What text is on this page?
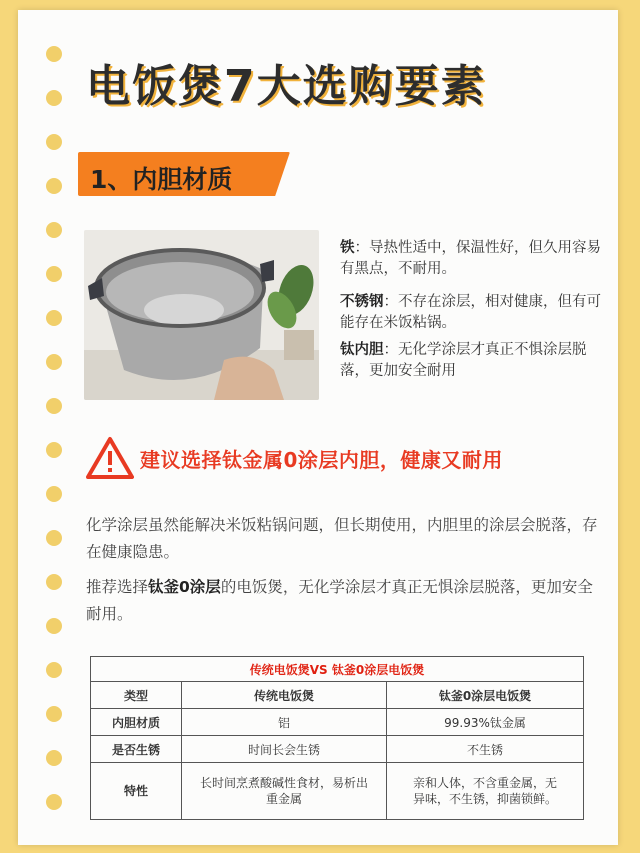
电饭煲7大选购要素
1、内胆材质
铁：导热性适中，保温性好，但久用容易有黑点，不耐用。
不锈钢：不存在涂层，相对健康，但有可能存在米饭粘锅。
钛内胆：无化学涂层才真正不惧涂层脱落，更加安全耐用
建议选择钛金属0涂层内胆，健康又耐用
化学涂层虽然能解决米饭粘锅问题，但长期使用，内胆里的涂层会脱落，存在健康隐患。
推荐选择钛釜0涂层的电饭煲，无化学涂层才真正无惧涂层脱落，更加安全耐用。
传统电饭煲VS 钛釜0涂层电饭煲		
类型	传统电饭煲	钛釜0涂层电饭煲
内胆材质	铝	99.93%钛金属
是否生锈	时间长会生锈	不生锈
特性	长时间烹煮酸碱性食材，易析出重金属	亲和人体，不含重金属，无异味，不生锈，抑菌锁鲜。
